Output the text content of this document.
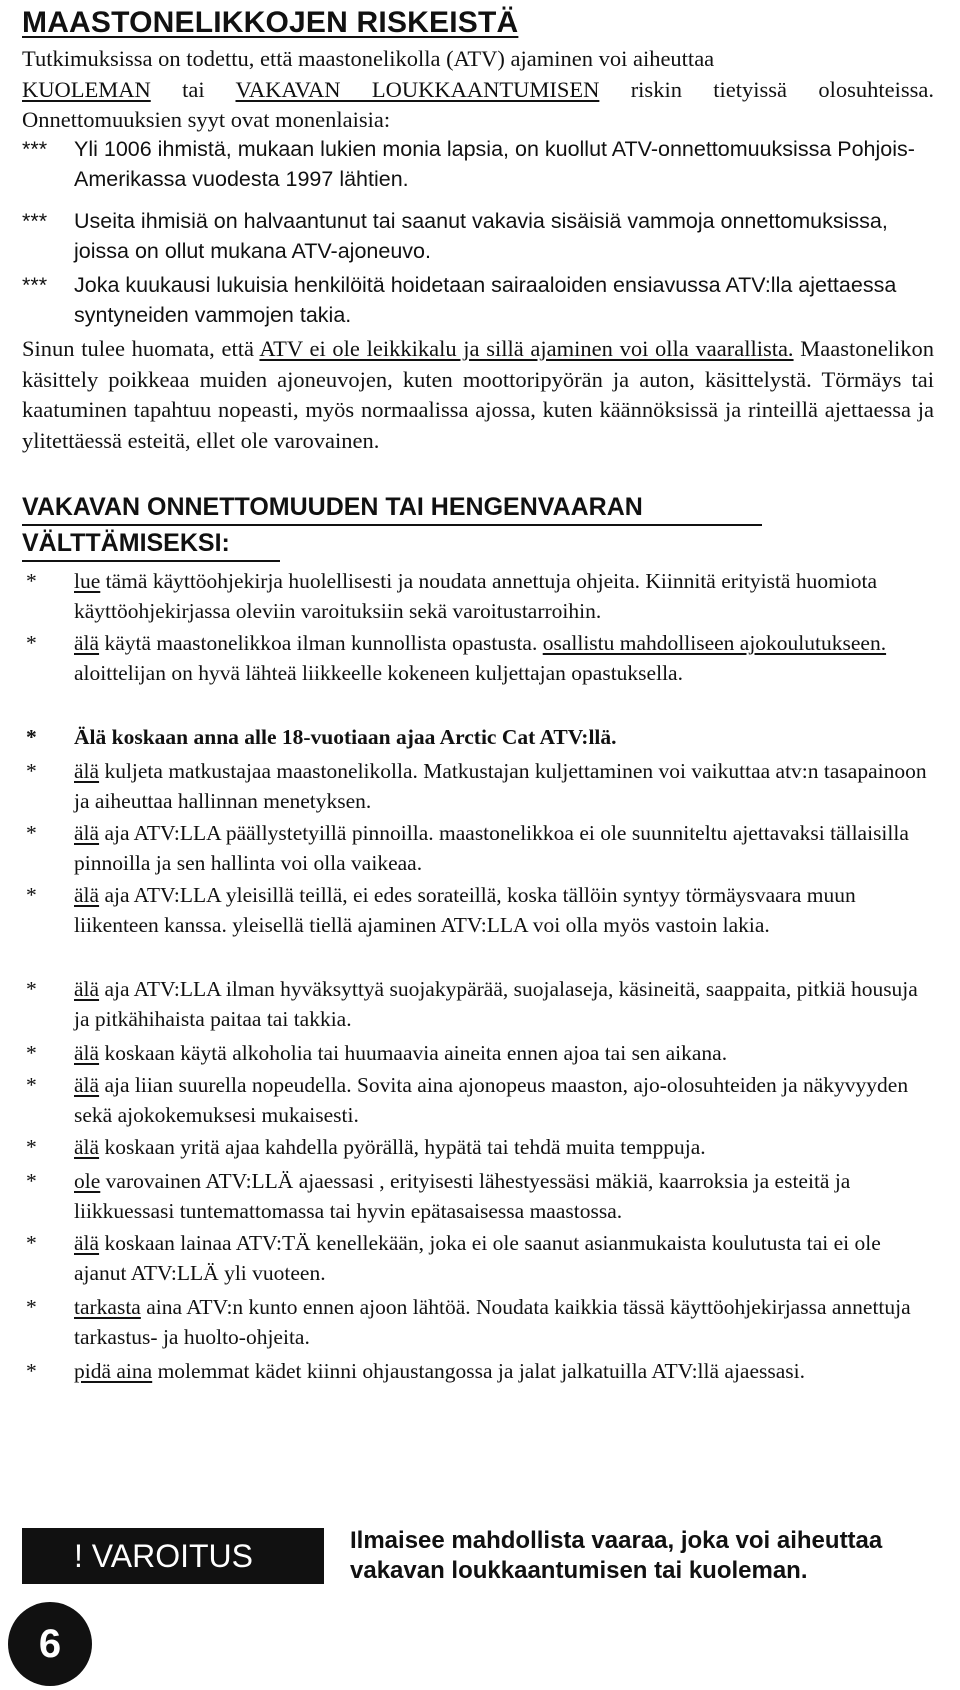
MAASTONELIKKOJEN RISKEISTÄ
Tutkimuksissa on todettu, että maastonelikolla (ATV) ajaminen voi aiheuttaa
KUOLEMAN tai VAKAVAN LOUKKAANTUMISEN riskin tietyissä olosuhteissa. Onnettomuuksien syyt ovat monenlaisia:
*** Yli 1006 ihmistä, mukaan lukien monia lapsia, on kuollut ATV-onnettomuuksissa Pohjois-Amerikassa vuodesta 1997 lähtien.
*** Useita ihmisiä on halvaantunut tai saanut vakavia sisäisiä vammoja onnettomuksissa, joissa on ollut mukana ATV-ajoneuvo.
*** Joka kuukausi lukuisia henkilöitä hoidetaan sairaaloiden ensiavussa ATV:lla ajettaessa syntyneiden vammojen takia.
Sinun tulee huomata, että ATV ei ole leikkikalu ja sillä ajaminen voi olla vaarallista. Maastonelikon käsittely poikkeaa muiden ajoneuvojen, kuten moottoripyörän ja auton, käsittelystä. Törmäys tai kaatuminen tapahtuu nopeasti, myös normaalissa ajossa, kuten käännöksissä ja rinteillä ajettaessa ja ylitettäessä esteitä, ellet ole varovainen.
VAKAVAN ONNETTOMUUDEN TAI HENGENVAARAN
VÄLTTÄMISEKSI:
* lue tämä käyttöohjekirja huolellisesti ja noudata annettuja ohjeita. Kiinnitä erityistä huomiota käyttöohjekirjassa oleviin varoituksiin sekä varoitustarroihin.
* älä käytä maastonelikkoa ilman kunnollista opastusta. osallistu mahdolliseen ajokoulutukseen. aloittelijan on hyvä lähteä liikkeelle kokeneen kuljettajan opastuksella.
* Älä koskaan anna alle 18-vuotiaan ajaa Arctic Cat ATV:llä.
* älä kuljeta matkustajaa maastonelikolla. Matkustajan kuljettaminen voi vaikuttaa atv:n tasapainoon ja aiheuttaa hallinnan menetyksen.
* älä aja ATV:LLA päällystetyillä pinnoilla. maastonelikkoa ei ole suunniteltu ajettavaksi tällaisilla pinnoilla ja sen hallinta voi olla vaikeaa.
* älä aja ATV:LLA yleisillä teillä, ei edes sorateillä, koska tällöin syntyy törmäysvaara muun liikenteen kanssa. yleisellä tiellä ajaminen ATV:LLA voi olla myös vastoin lakia.
* älä aja ATV:LLA ilman hyväksyttyä suojakypärää, suojalaseja, käsineitä, saappaita, pitkiä housuja ja pitkähihaista paitaa tai takkia.
* älä koskaan käytä alkoholia tai huumaavia aineita ennen ajoa tai sen aikana.
* älä aja liian suurella nopeudella. Sovita aina ajonopeus maaston, ajo-olosuhteiden ja näkyvyyden sekä ajokokemuksesi mukaisesti.
* älä koskaan yritä ajaa kahdella pyörällä, hypätä tai tehdä muita temppuja.
* ole varovainen ATV:LLÄ ajaessasi , erityisesti lähestyessäsi mäkiä, kaarroksia ja esteitä ja liikkuessasi tuntemattomassa tai hyvin epätasaisessa maastossa.
* älä koskaan lainaa ATV:TÄ kenellekään, joka ei ole saanut asianmukaista koulutusta tai ei ole ajanut ATV:LLÄ yli vuoteen.
* tarkasta aina ATV:n kunto ennen ajoon lähtöä. Noudata kaikkia tässä käyttöohjekirjassa annettuja tarkastus- ja huolto-ohjeita.
* pidä aina molemmat kädet kiinni ohjaustangossa ja jalat jalkatuilla ATV:llä ajaessasi.
! VAROITUS	Ilmaisee mahdollista vaaraa, joka voi aiheuttaa vakavan loukkaantumisen tai kuoleman.
6
